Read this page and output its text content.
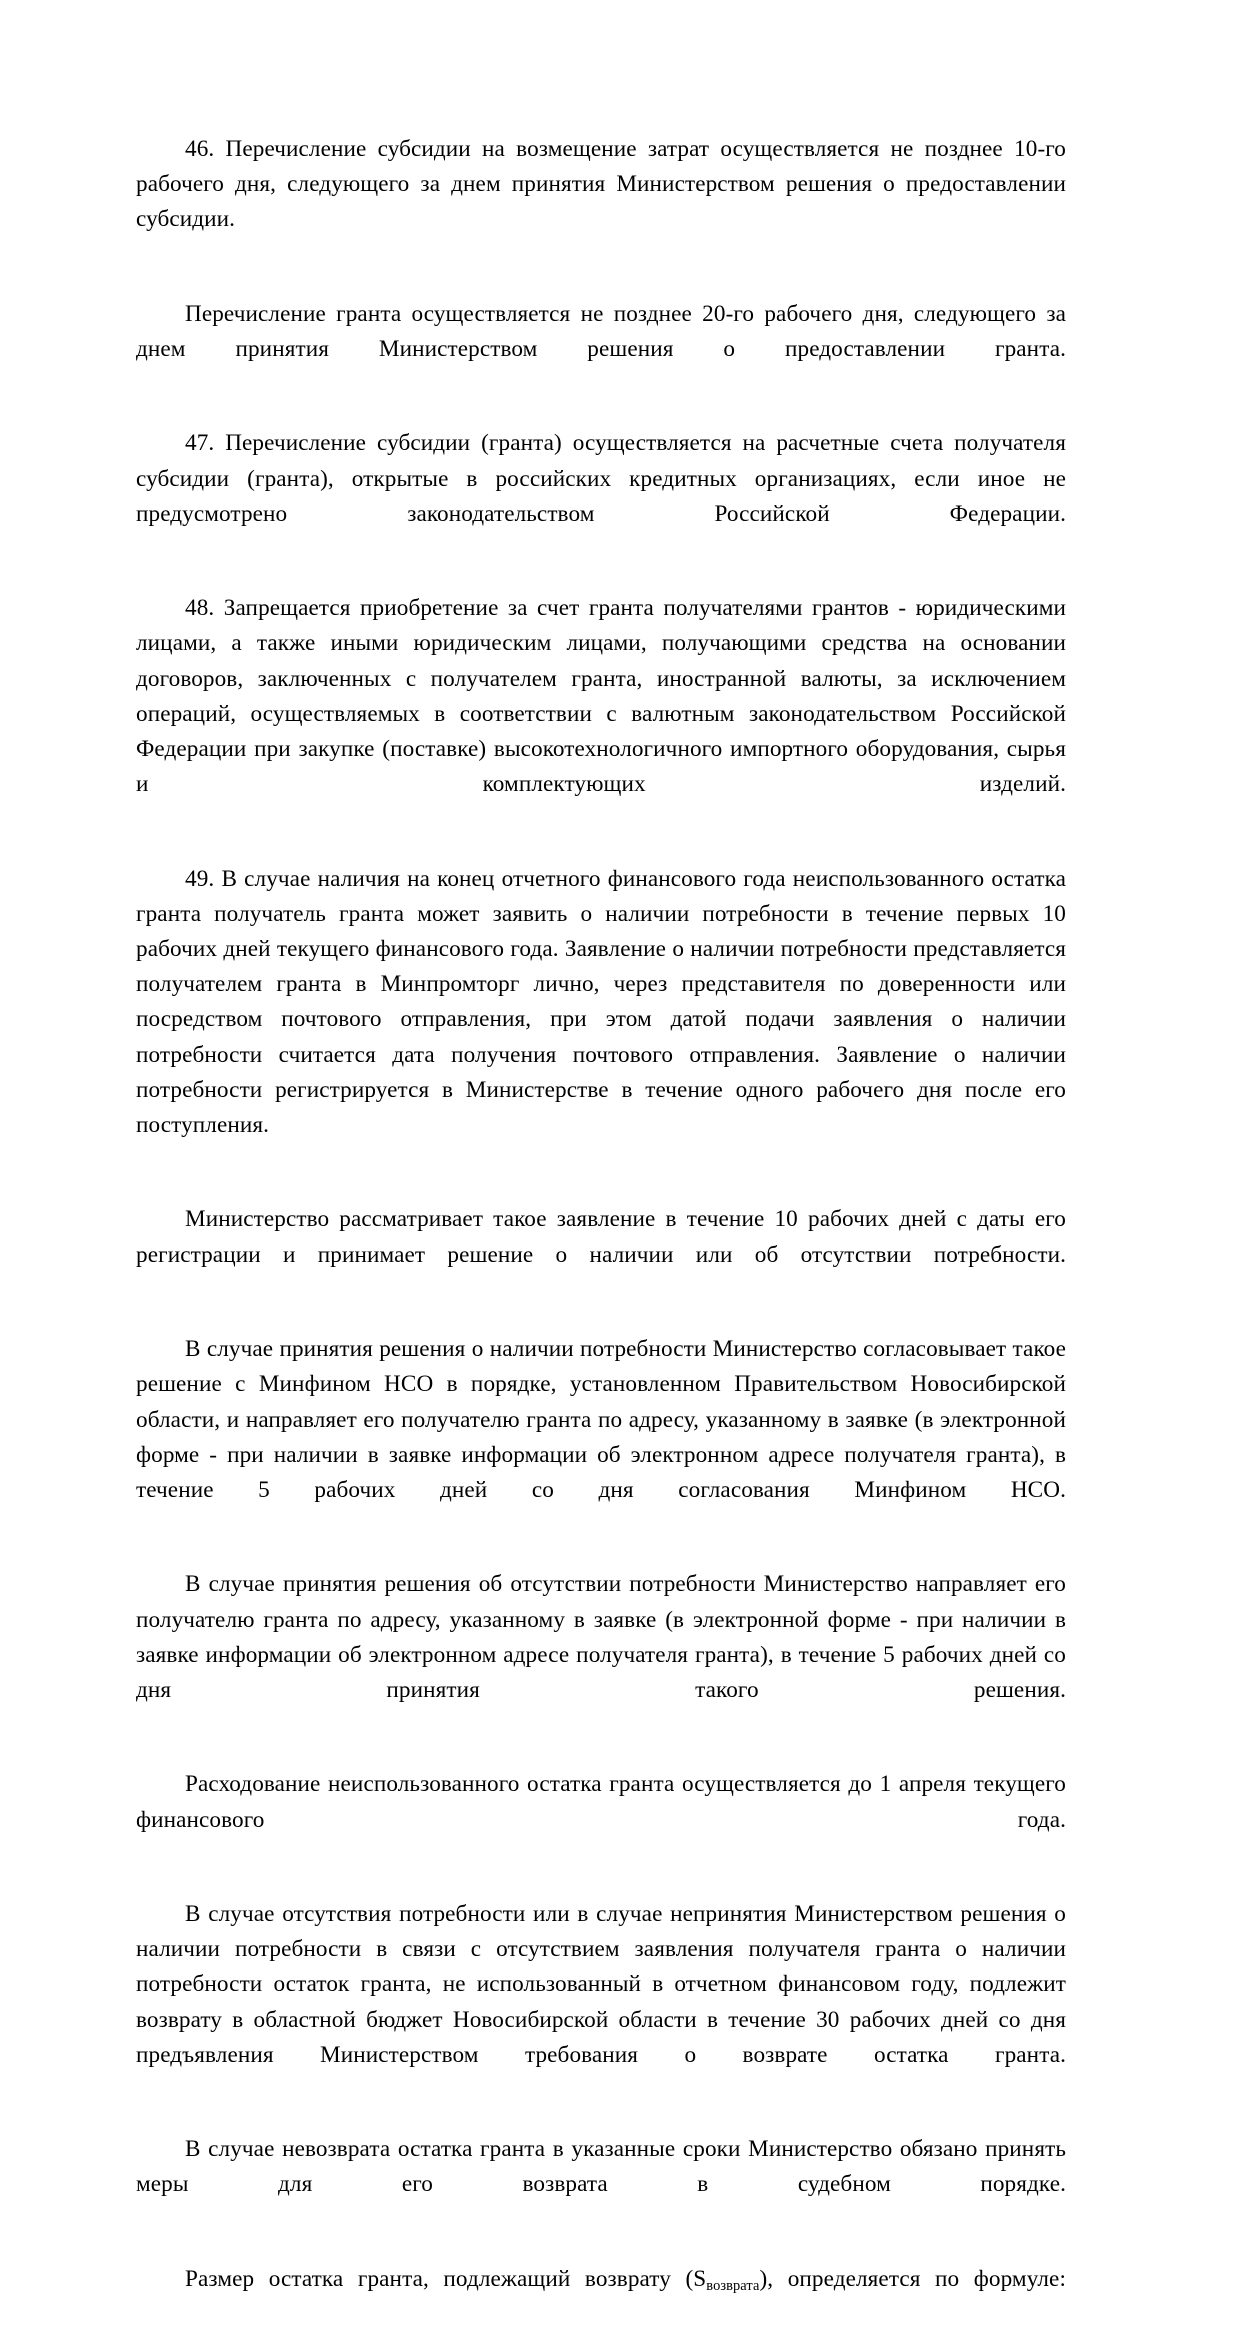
46. Перечисление субсидии на возмещение затрат осуществляется не позднее 10-го рабочего дня, следующего за днем принятия Министерством решения о предоставлении субсидии.

Перечисление гранта осуществляется не позднее 20-го рабочего дня, следующего за днем принятия Министерством решения о предоставлении гранта.

47. Перечисление субсидии (гранта) осуществляется на расчетные счета получателя субсидии (гранта), открытые в российских кредитных организациях, если иное не предусмотрено законодательством Российской Федерации.

48. Запрещается приобретение за счет гранта получателями грантов - юридическими лицами, а также иными юридическим лицами, получающими средства на основании договоров, заключенных с получателем гранта, иностранной валюты, за исключением операций, осуществляемых в соответствии с валютным законодательством Российской Федерации при закупке (поставке) высокотехнологичного импортного оборудования, сырья и комплектующих изделий.

49. В случае наличия на конец отчетного финансового года неиспользованного остатка гранта получатель гранта может заявить о наличии потребности в течение первых 10 рабочих дней текущего финансового года. Заявление о наличии потребности представляется получателем гранта в Минпромторг лично, через представителя по доверенности или посредством почтового отправления, при этом датой подачи заявления о наличии потребности считается дата получения почтового отправления. Заявление о наличии потребности регистрируется в Министерстве в течение одного рабочего дня после его поступления.

Министерство рассматривает такое заявление в течение 10 рабочих дней с даты его регистрации и принимает решение о наличии или об отсутствии потребности.

В случае принятия решения о наличии потребности Министерство согласовывает такое решение с Минфином НСО в порядке, установленном Правительством Новосибирской области, и направляет его получателю гранта по адресу, указанному в заявке (в электронной форме - при наличии в заявке информации об электронном адресе получателя гранта), в течение 5 рабочих дней со дня согласования Минфином НСО.

В случае принятия решения об отсутствии потребности Министерство направляет его получателю гранта по адресу, указанному в заявке (в электронной форме - при наличии в заявке информации об электронном адресе получателя гранта), в течение 5 рабочих дней со дня принятия такого решения.

Расходование неиспользованного остатка гранта осуществляется до 1 апреля текущего финансового года.

В случае отсутствия потребности или в случае непринятия Министерством решения о наличии потребности в связи с отсутствием заявления получателя гранта о наличии потребности остаток гранта, не использованный в отчетном финансовом году, подлежит возврату в областной бюджет Новосибирской области в течение 30 рабочих дней со дня предъявления Министерством требования о возврате остатка гранта.

В случае невозврата остатка гранта в указанные сроки Министерство обязано принять меры для его возврата в судебном порядке.

Размер остатка гранта, подлежащий возврату $(S_{возврата})$, определяется по формуле:
